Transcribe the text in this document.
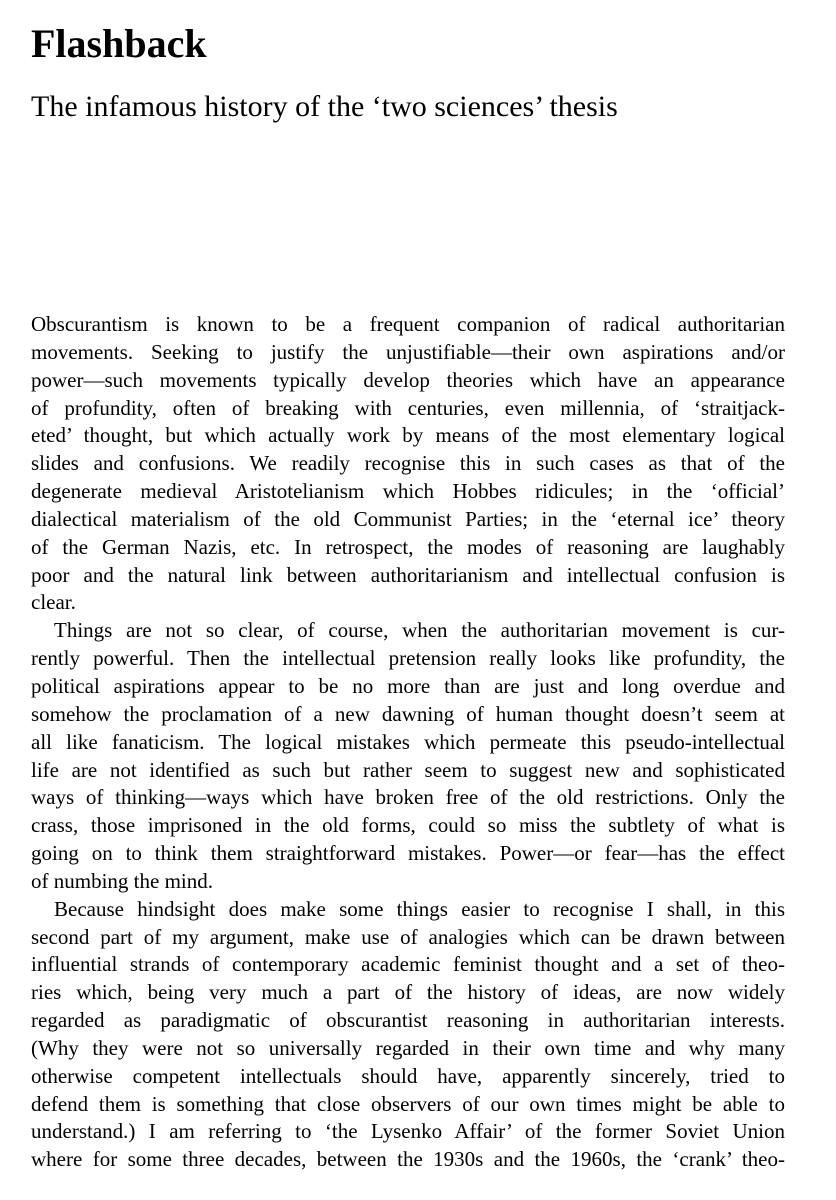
Flashback
The infamous history of the ‘two sciences’ thesis

Obscurantism is known to be a frequent companion of radical authoritarian
movements. Seeking to justify the unjustifiable—their own aspirations and/or
power—such movements typically develop theories which have an appearance
of profundity, often of breaking with centuries, even millennia, of ‘straitjack-
eted’ thought, but which actually work by means of the most elementary logical
slides and confusions. We readily recognise this in such cases as that of the
degenerate medieval Aristotelianism which Hobbes ridicules; in the ‘official’
dialectical materialism of the old Communist Parties; in the ‘eternal ice’ theory
of the German Nazis, etc. In retrospect, the modes of reasoning are laughably
poor and the natural link between authoritarianism and intellectual confusion is
clear.

Things are not so clear, of course, when the authoritarian movement is cur-
rently powerful. Then the intellectual pretension really looks like profundity, the
political aspirations appear to be no more than are just and long overdue and
somehow the proclamation of a new dawning of human thought doesn’t seem at
all like fanaticism. The logical mistakes which permeate this pseudo-intellectual
life are not identified as such but rather seem to suggest new and sophisticated
ways of thinking—ways which have broken free of the old restrictions. Only the
crass, those imprisoned in the old forms, could so miss the subtlety of what is
going on to think them straightforward mistakes. Power—or fear—has the effect
of numbing the mind.

Because hindsight does make some things easier to recognise I shall, in this
second part of my argument, make use of analogies which can be drawn between
influential strands of contemporary academic feminist thought and a set of theo-
ries which, being very much a part of the history of ideas, are now widely
regarded as paradigmatic of obscurantist reasoning in authoritarian interests.
(Why they were not so universally regarded in their own time and why many
otherwise competent intellectuals should have, apparently sincerely, tried to
defend them is something that close observers of our own times might be able to
understand.) I am referring to ‘the Lysenko Affair’ of the former Soviet Union
where for some three decades, between the 1930s and the 1960s, the ‘crank’ theo-
